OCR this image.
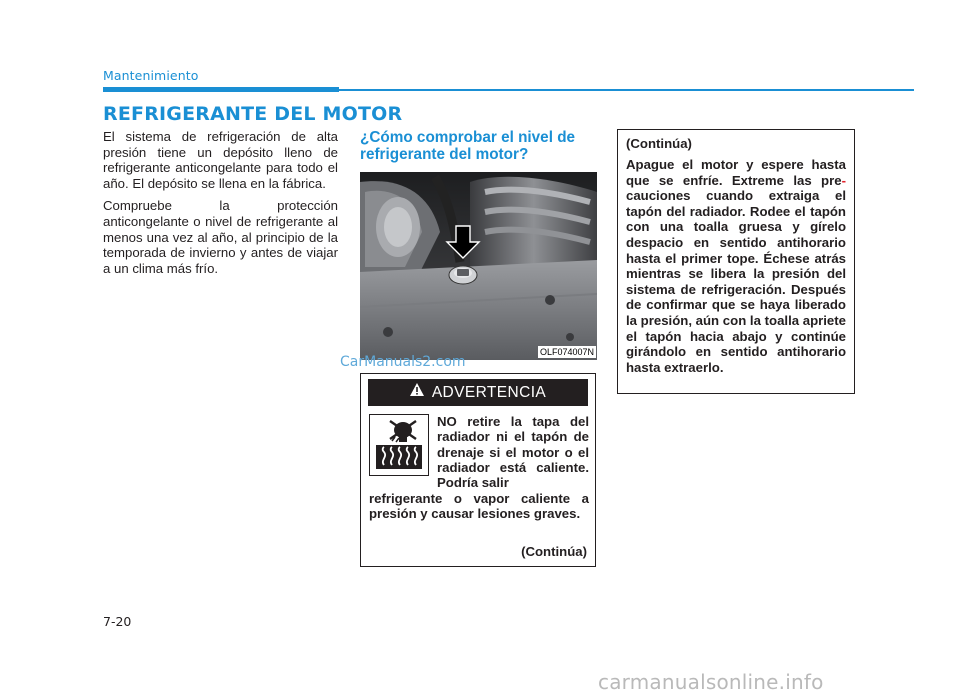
Mantenimiento
REFRIGERANTE DEL MOTOR

El sistema de refrigeración de alta presión tiene un depósito lleno de refrigerante anticongelante para todo el año. El depósito se llena en la fábrica.

Compruebe la protección anticongelante o nivel de refrigerante al menos una vez al año, al principio de la temporada de invierno y antes de viajar a un clima más frío.

¿Cómo comprobar el nivel de refrigerante del motor?
OLF074007N
CarManuals2.com
ADVERTENCIA
NO retire la tapa del radiador ni el tapón de drenaje si el motor o el radiador está caliente. Podría salir
refrigerante o vapor caliente a presión y causar lesiones graves.
(Continúa)
(Continúa)
Apague el motor y espere hasta que se enfríe. Extreme las pre- cauciones cuando extraiga el tapón del radiador. Rodee el tapón con una toalla gruesa y gírelo despacio en sentido antihorario hasta el primer tope. Échese atrás mientras se libera la presión del sistema de refrigeración. Después de confirmar que se haya liberado la presión, aún con la toalla apriete el tapón hacia abajo y continúe girándolo en sentido antihorario hasta extraerlo.
7-20
carmanualsonline.info
